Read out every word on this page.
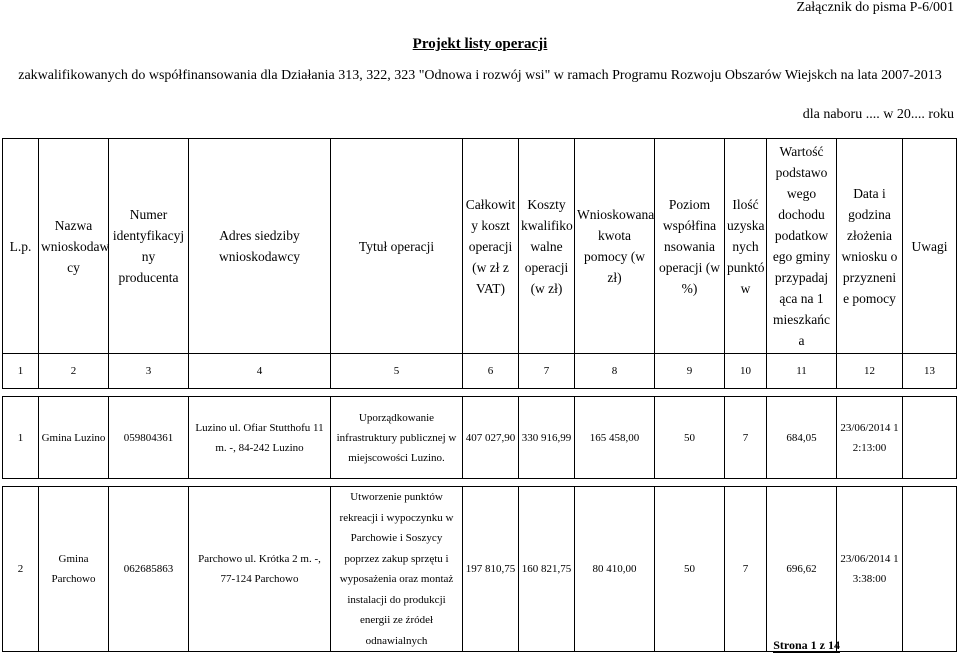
Załącznik do pisma P-6/001
Projekt listy operacji
zakwalifikowanych do współfinansowania dla Działania 313, 322, 323 "Odnowa i rozwój wsi" w ramach Programu Rozwoju Obszarów Wiejskch na lata 2007-2013
dla naboru .... w 20.... roku
L.p.	Nazwa wnioskodaw cy	Numer identyfikacyj ny producenta	Adres siedziby wnioskodawcy	Tytuł operacji	Całkowit y koszt operacji (w zł z VAT)	Koszty kwalifiko walne operacji (w zł)	Wnioskowana kwota pomocy (w zł)	Poziom współfina nsowania operacji (w %)	Ilość uzyska nych punktó w	Wartość podstawo wego dochodu podatkow ego gminy przypadaj ąca na 1 mieszkańc a	Data i godzina złożenia wniosku o przyzneni e pomocy	Uwagi
1	2	3	4	5	6	7	8	9	10	11	12	13

1	Gmina Luzino	059804361	Luzino ul. Ofiar Stutthofu 11 m. -, 84-242 Luzino	Uporządkowanie infrastruktury publicznej w miejscowości Luzino.	407 027,90	330 916,99	165 458,00	50	7	684,05	23/06/2014 1 2:13:00	

2	Gmina Parchowo	062685863	Parchowo ul. Krótka 2 m. -, 77-124 Parchowo	Utworzenie punktów rekreacji i wypoczynku w Parchowie i Soszycy poprzez zakup sprzętu i wyposażenia oraz montaż instalacji do produkcji energii ze źródeł odnawialnych	197 810,75	160 821,75	80 410,00	50	7	696,62	23/06/2014 1 3:38:00	
Strona 1 z 14
